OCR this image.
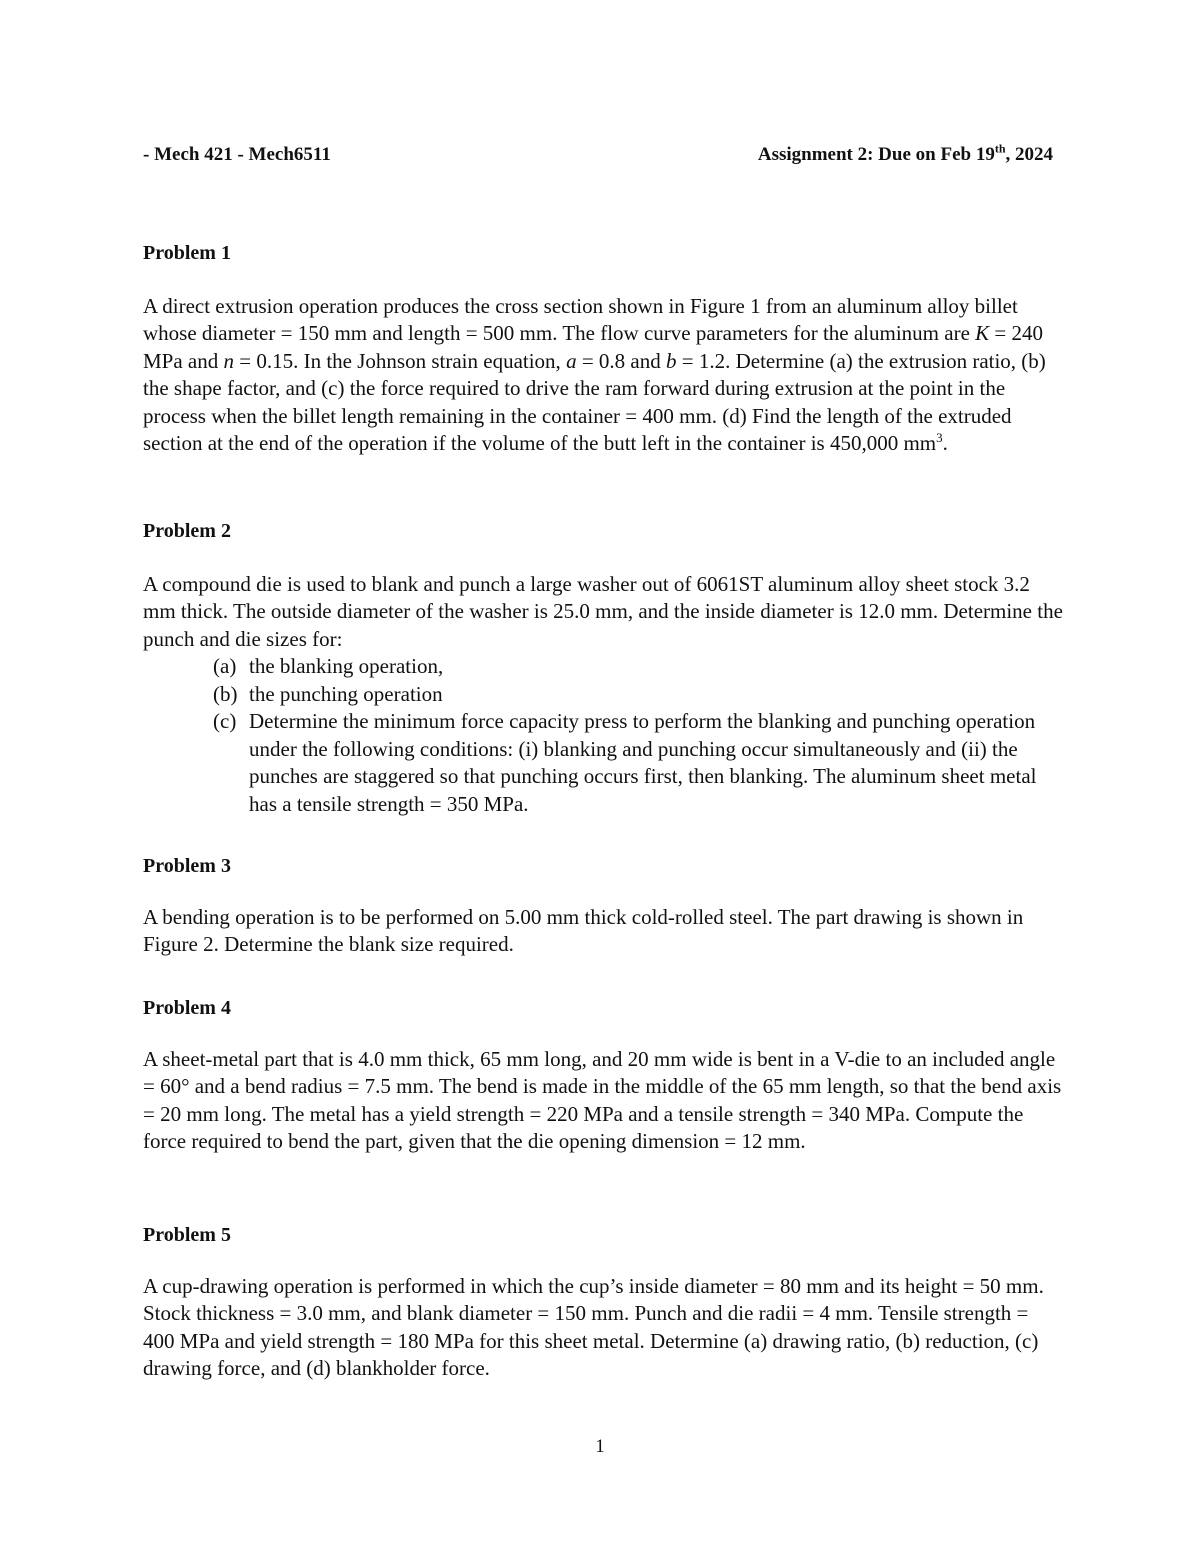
- Mech 421 - Mech6511	Assignment 2: Due on Feb 19th, 2024

Problem 1

A direct extrusion operation produces the cross section shown in Figure 1 from an aluminum alloy billet whose diameter = 150 mm and length = 500 mm. The flow curve parameters for the aluminum are K = 240 MPa and n = 0.15. In the Johnson strain equation, a = 0.8 and b = 1.2. Determine (a) the extrusion ratio, (b) the shape factor, and (c) the force required to drive the ram forward during extrusion at the point in the process when the billet length remaining in the container = 400 mm. (d) Find the length of the extruded section at the end of the operation if the volume of the butt left in the container is 450,000 $mm^3$.

Problem 2

A compound die is used to blank and punch a large washer out of 6061ST aluminum alloy sheet stock 3.2 mm thick. The outside diameter of the washer is 25.0 mm, and the inside diameter is 12.0 mm. Determine the punch and die sizes for:

(a) the blanking operation,
(b) the punching operation
(c) Determine the minimum force capacity press to perform the blanking and punching operation under the following conditions: (i) blanking and punching occur simultaneously and (ii) the punches are staggered so that punching occurs first, then blanking. The aluminum sheet metal has a tensile strength = 350 MPa.

Problem 3

A bending operation is to be performed on 5.00 mm thick cold-rolled steel. The part drawing is shown in Figure 2. Determine the blank size required.

Problem 4

A sheet-metal part that is 4.0 mm thick, 65 mm long, and 20 mm wide is bent in a V-die to an included angle = 60° and a bend radius = 7.5 mm. The bend is made in the middle of the 65 mm length, so that the bend axis = 20 mm long. The metal has a yield strength = 220 MPa and a tensile strength = 340 MPa. Compute the force required to bend the part, given that the die opening dimension = 12 mm.

Problem 5

A cup-drawing operation is performed in which the cup’s inside diameter = 80 mm and its height = 50 mm. Stock thickness = 3.0 mm, and blank diameter = 150 mm. Punch and die radii = 4 mm. Tensile strength = 400 MPa and yield strength = 180 MPa for this sheet metal. Determine (a) drawing ratio, (b) reduction, (c) drawing force, and (d) blankholder force.

1
